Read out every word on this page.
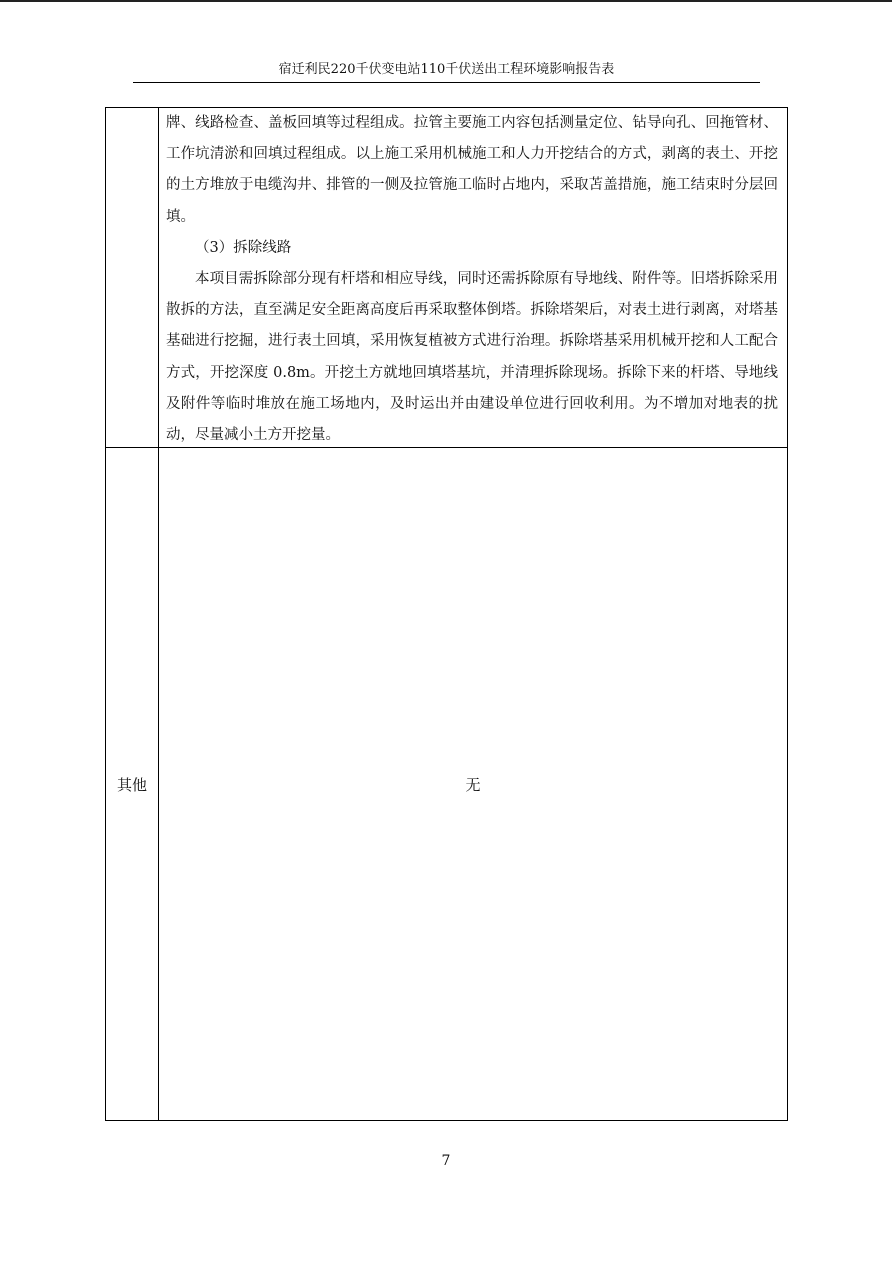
宿迁利民220千伏变电站110千伏送出工程环境影响报告表

牌、线路检查、盖板回填等过程组成。拉管主要施工内容包括测量定位、钻导向孔、回拖管材、工作坑清淤和回填过程组成。以上施工采用机械施工和人力开挖结合的方式，剥离的表土、开挖的土方堆放于电缆沟井、排管的一侧及拉管施工临时占地内，采取苫盖措施，施工结束时分层回填。

（3）拆除线路

本项目需拆除部分现有杆塔和相应导线，同时还需拆除原有导地线、附件等。旧塔拆除采用散拆的方法，直至满足安全距离高度后再采取整体倒塔。拆除塔架后，对表土进行剥离，对塔基基础进行挖掘，进行表土回填，采用恢复植被方式进行治理。拆除塔基采用机械开挖和人工配合方式，开挖深度 0.8m。开挖土方就地回填塔基坑，并清理拆除现场。拆除下来的杆塔、导地线及附件等临时堆放在施工场地内，及时运出并由建设单位进行回收利用。为不增加对地表的扰动，尽量减小土方开挖量。

其他	无
7
